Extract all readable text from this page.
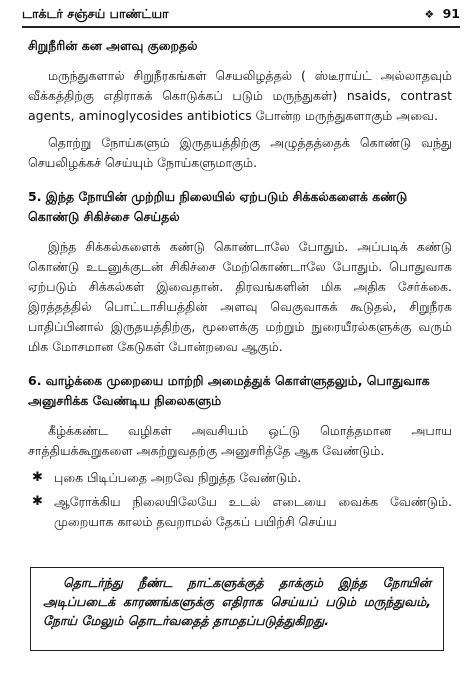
டாக்டர் சஞ்சய் பாண்ட்யா	❖ 91

சிறுநீரின் கன அளவு குறைதல்

மருந்துகளால் சிறுநீரகங்கள் செயலிழத்தல் ( ஸ்டீராய்ட் அல்லாதவும் வீக்கத்திற்கு எதிராகக் கொடுக்கப் படும் மருந்துகள்) nsaids, contrast agents, aminoglycosides antibiotics போன்ற மருந்துகளாகும் அவை.

தொற்று நோய்களும் இருதயத்திற்கு அழுத்தத்தைக் கொண்டு வந்து செயலிழக்கச் செய்யும் நோய்களுமாகும்.

5. இந்த நோயின் முற்றிய நிலையில் ஏற்படும் சிக்கல்களைக் கண்டு கொண்டு சிகிச்சை செய்தல்

இந்த சிக்கல்களைக் கண்டு கொண்டாலே போதும். அப்படிக் கண்டு கொண்டு உடனுக்குடன் சிகிச்சை மேற்கொண்டாலே போதும். பொதுவாக ஏற்படும் சிக்கல்கள் இவைதான். திரவங்களின் மிக அதிக சேர்க்கை. இரத்தத்தில் பொட்டாசியத்தின் அளவு வெகுவாகக் கூடுதல், சிறுநீரக பாதிப்பினால் இருதயத்திற்கு, மூளைக்கு மற்றும் நுரையீரல்களுக்கு வரும் மிக மோசமான கேடுகள் போன்றவை ஆகும்.

6. வாழ்க்கை முறையை மாற்றி அமைத்துக் கொள்ளுதலும், பொதுவாக அனுசரிக்க வேண்டிய நிலைகளும்

கீழ்க்கண்ட வழிகள் அவசியம் ஒட்டு மொத்தமான அபாய சாத்தியக்கூறுகளை அகற்றுவதற்கு அனுசரித்தே ஆக வேண்டும்.

✱ புகை பிடிப்பதை அறவே நிறுத்த வேண்டும்.
✱ ஆரோக்கிய நிலையிலேயே உடல் எடையை வைக்க வேண்டும். முறையாக காலம் தவறாமல் தேகப் பயிற்சி செய்ய

தொடர்ந்து நீண்ட நாட்களுக்குத் தாக்கும் இந்த நோயின் அடிப்படைக் காரணங்களுக்கு எதிராக செய்யப் படும் மருந்துவம், நோய் மேலும் தொடர்வதைத் தாமதப்படுத்துகிறது.
